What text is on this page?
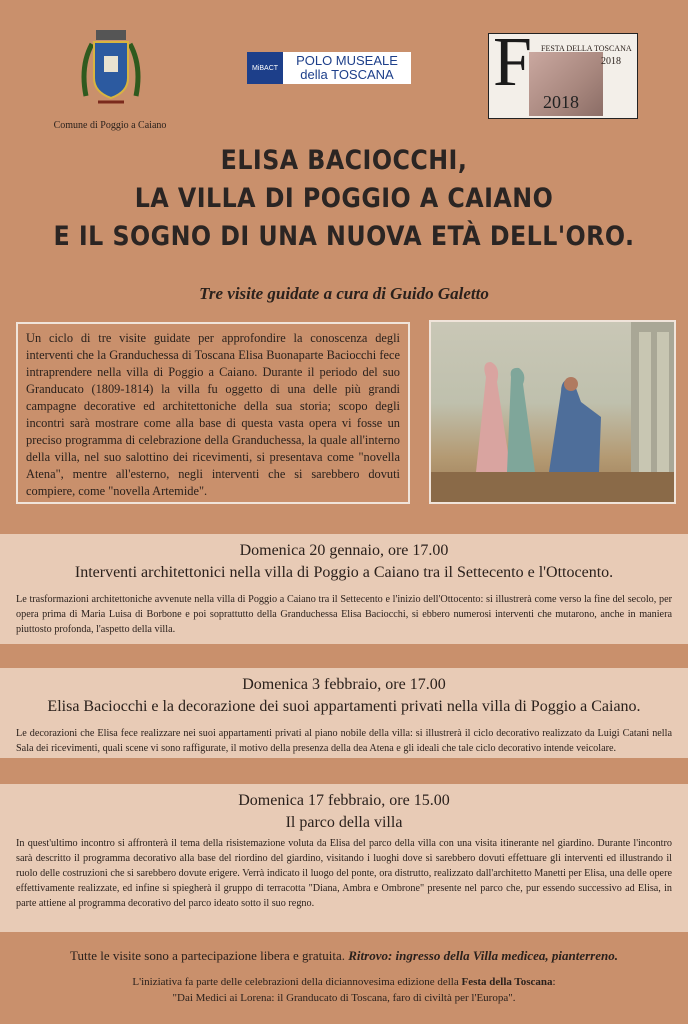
Comune di Poggio a Caiano
MiBACT	POLO MUSEALE
della TOSCANA F FESTA DELLA TOSCANA
2018
2018
ELISA BACIOCCHI,
LA VILLA DI POGGIO A CAIANO
E IL SOGNO DI UNA NUOVA ETÀ DELL'ORO.
Tre visite guidate a cura di Guido Galetto
Un ciclo di tre visite guidate per approfondire la conoscenza degli interventi che la Granduchessa di Toscana Elisa Buonaparte Baciocchi fece intraprendere nella villa di Poggio a Caiano. Durante il periodo del suo Granducato (1809-1814) la villa fu oggetto di una delle più grandi campagne decorative ed architettoniche della sua storia; scopo degli incontri sarà mostrare come alla base di questa vasta opera vi fosse un preciso programma di celebrazione della Granduchessa, la quale all'interno della villa, nel suo salottino dei ricevimenti, si presentava come "novella Atena", mentre all'esterno, negli interventi che si sarebbero dovuti compiere, come "novella Artemide".
Domenica 20 gennaio, ore 17.00
Interventi architettonici nella villa di Poggio a Caiano tra il Settecento e l'Ottocento.
Le trasformazioni architettoniche avvenute nella villa di Poggio a Caiano tra il Settecento e l'inizio dell'Ottocento: si illustrerà come verso la fine del secolo, per opera prima di Maria Luisa di Borbone e poi soprattutto della Granduchessa Elisa Baciocchi, si ebbero numerosi interventi che mutarono, anche in maniera piuttosto profonda, l'aspetto della villa.
Domenica 3 febbraio, ore 17.00
Elisa Baciocchi e la decorazione dei suoi appartamenti privati nella villa di Poggio a Caiano.
Le decorazioni che Elisa fece realizzare nei suoi appartamenti privati al piano nobile della villa: si illustrerà il ciclo decorativo realizzato da Luigi Catani nella Sala dei ricevimenti, quali scene vi sono raffigurate, il motivo della presenza della dea Atena e gli ideali che tale ciclo decorativo intende veicolare.
Domenica 17 febbraio, ore 15.00
Il parco della villa
In quest'ultimo incontro si affronterà il tema della risistemazione voluta da Elisa del parco della villa con una visita itinerante nel giardino. Durante l'incontro sarà descritto il programma decorativo alla base del riordino del giardino, visitando i luoghi dove si sarebbero dovuti effettuare gli interventi ed illustrando il ruolo delle costruzioni che si sarebbero dovute erigere. Verrà indicato il luogo del ponte, ora distrutto, realizzato dall'architetto Manetti per Elisa, una delle opere effettivamente realizzate, ed infine si spiegherà il gruppo di terracotta "Diana, Ambra e Ombrone" presente nel parco che, pur essendo successivo ad Elisa, in parte attiene al programma decorativo del parco ideato sotto il suo regno.
Tutte le visite sono a partecipazione libera e gratuita. Ritrovo: ingresso della Villa medicea, pianterreno.
L'iniziativa fa parte delle celebrazioni della diciannovesima edizione della Festa della Toscana:
"Dai Medici ai Lorena: il Granducato di Toscana, faro di civiltà per l'Europa".
